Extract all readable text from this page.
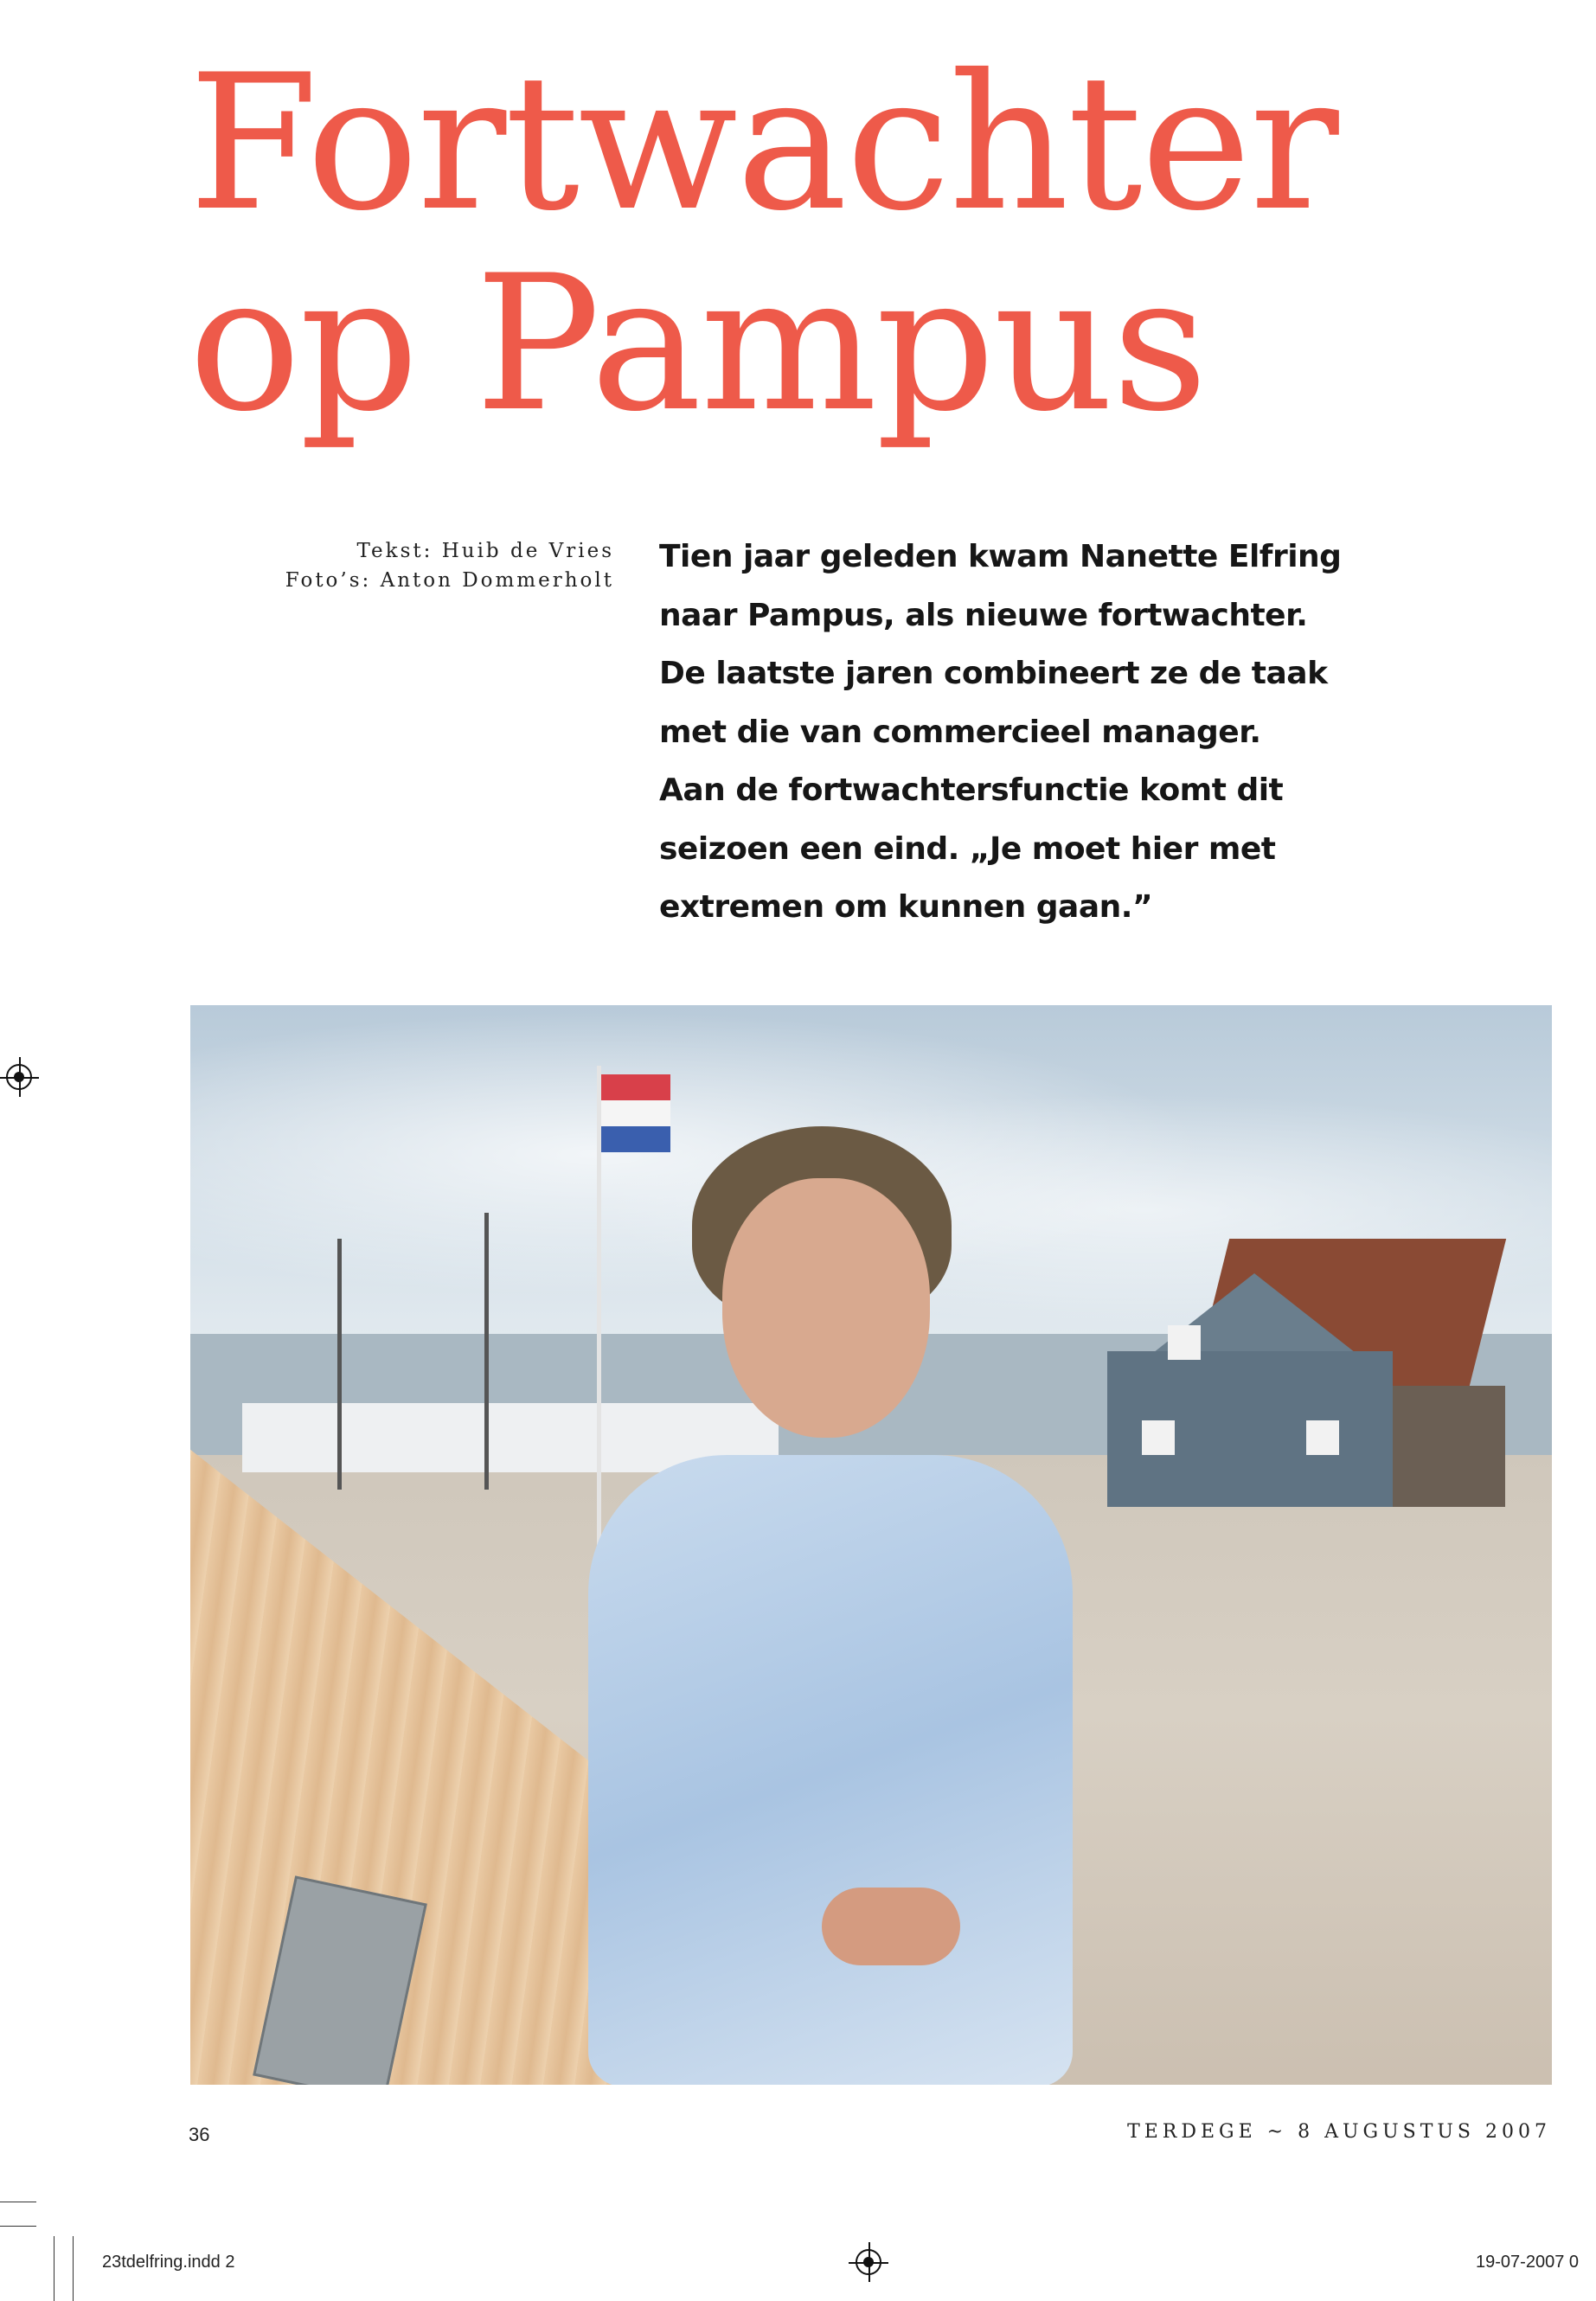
Fortwachter
op Pampus
Tekst: Huib de Vries
Foto’s: Anton Dommerholt

Tien jaar geleden kwam Nanette Elfring
naar Pampus, als nieuwe fortwachter.
De laatste jaren combineert ze de taak
met die van commercieel manager.
Aan de fortwachtersfunctie komt dit
seizoen een eind. „Je moet hier met
extremen om kunnen gaan.”

36	TERDEGE ~ 8 AUGUSTUS 2007
23tdelfring.indd 2	19-07-2007 0
